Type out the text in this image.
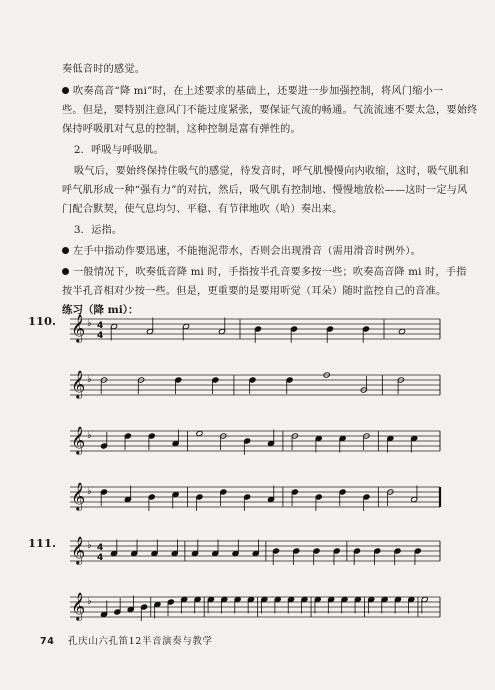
奏低音时的感觉。
吹奏高音“降 mi”时，在上述要求的基础上，还要进一步加强控制，将风门缩小一
些。但是，要特别注意风门不能过度紧张，要保证气流的畅通。气流流速不要太急，要始终
保持呼吸肌对气息的控制，这种控制是富有弹性的。
2．呼吸与呼吸肌。
吸气后，要始终保持住吸气的感觉，待发音时，呼气肌慢慢向内收缩，这时，吸气肌和
呼气肌形成一种“强有力”的对抗，然后，吸气肌有控制地、慢慢地放松——这时一定与风
门配合默契，使气息均匀、平稳、有节律地吹（哈）奏出来。
3．运指。
左手中指动作要迅速，不能拖泥带水，否则会出现滑音（需用滑音时例外）。
一般情况下，吹奏低音降 mi 时，手指按半孔音要多按一些；吹奏高音降 mi 时，手指
按半孔音相对少按一些。但是，更重要的是要用听觉（耳朵）随时监控自己的音准。
练习（降 mi）：
110.
111.
𝄞 ♭ 4
4
𝄞 ♭
𝄞 ♭
𝄞 ♭
𝄞 ♭ 4
4
𝄞 ♭
74 孔庆山六孔笛12半音演奏与教学
